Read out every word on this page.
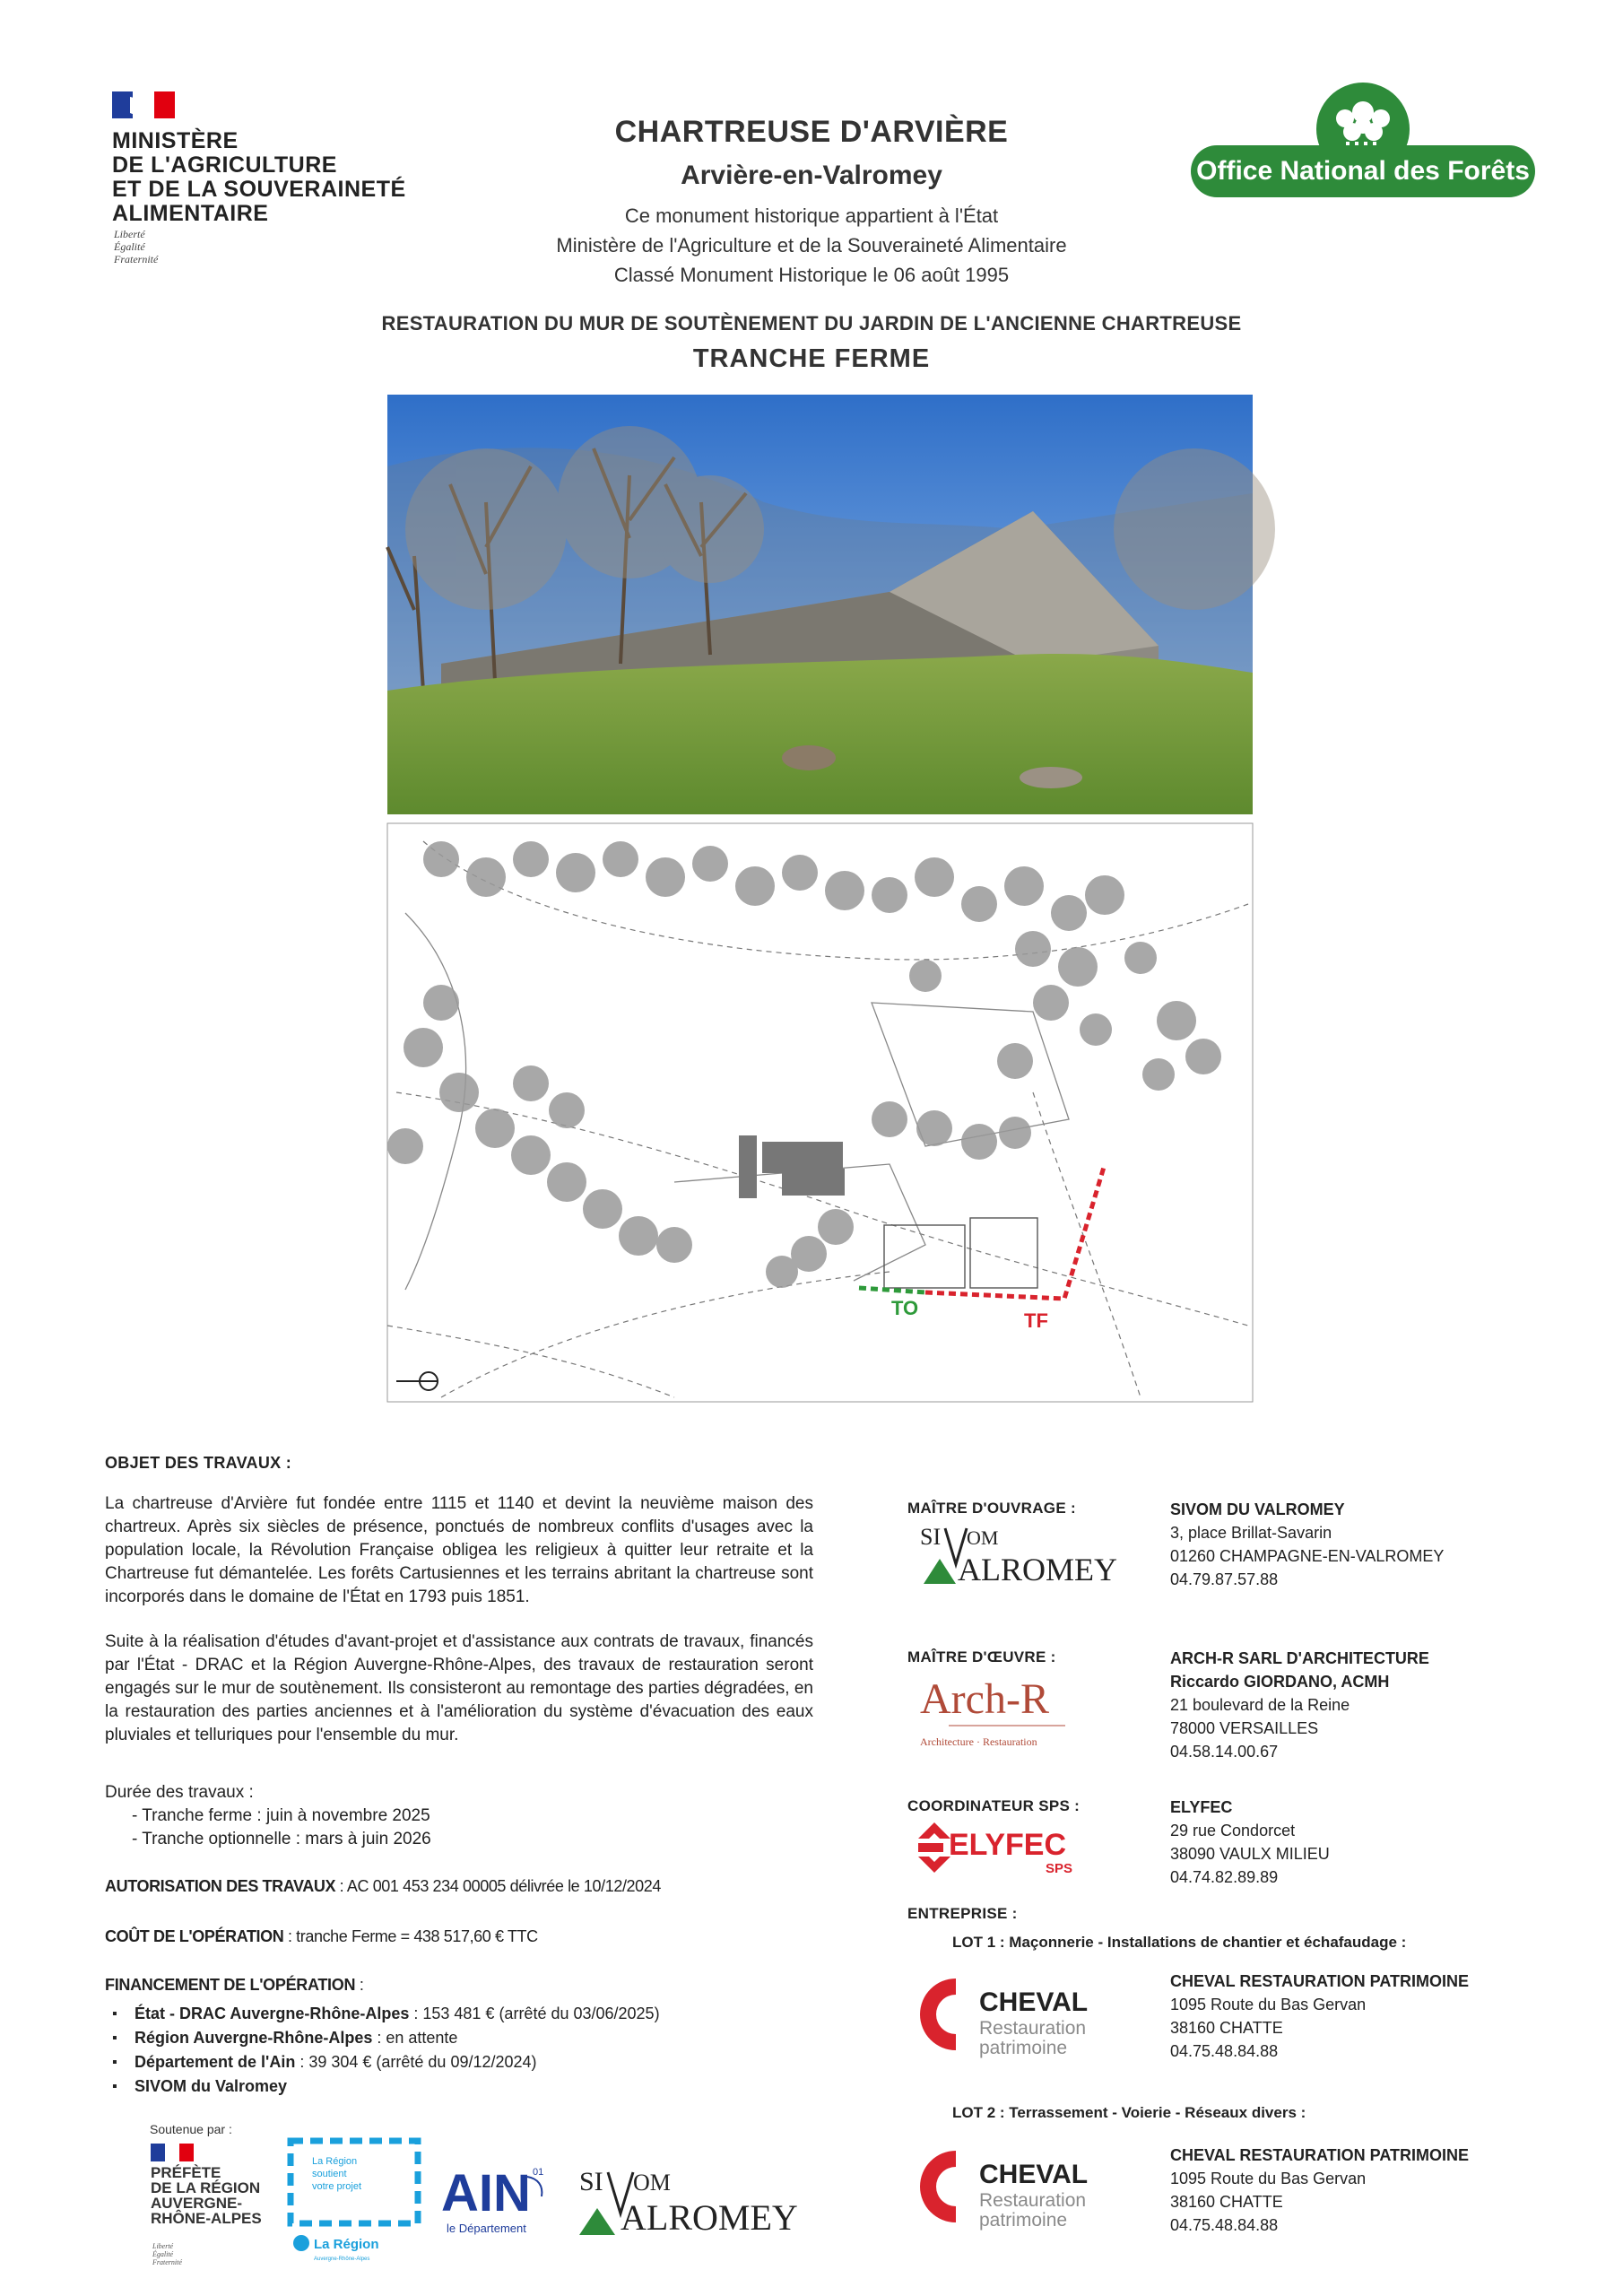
MINISTÈRE
DE L'AGRICULTURE
ET DE LA SOUVERAINETÉ
ALIMENTAIRE
Liberté
Égalité
Fraternité
CHARTREUSE D'ARVIÈRE
Arvière-en-Valromey
Ce monument historique appartient à l'État
Ministère de l'Agriculture et de la Souveraineté Alimentaire
Classé Monument Historique le 06 août 1995
Office National des Forêts
RESTAURATION DU MUR DE SOUTÈNEMENT DU JARDIN DE L'ANCIENNE CHARTREUSE
TRANCHE FERME
TO
TF
OBJET DES TRAVAUX :
La chartreuse d'Arvière fut fondée entre 1115 et 1140 et devint la neuvième maison des chartreux. Après six siècles de présence, ponctués de nombreux conflits d'usages avec la population locale, la Révolution Française obligea les religieux à quitter leur retraite et la Chartreuse fut démantelée. Les forêts Cartusiennes et les terrains abritant la chartreuse sont incorporés dans le domaine de l'État en 1793 puis 1851.
Suite à la réalisation d'études d'avant-projet et d'assistance aux contrats de travaux, financés par l'État - DRAC et la Région Auvergne-Rhône-Alpes, des travaux de restauration seront engagés sur le mur de soutènement. Ils consisteront au remontage des parties dégradées, en la restauration des parties anciennes et à l'amélioration du système d'évacuation des eaux pluviales et telluriques pour l'ensemble du mur.
Durée des travaux :
- Tranche ferme : juin à novembre 2025
- Tranche optionnelle : mars à juin 2026
AUTORISATION DES TRAVAUX : AC 001 453 234 00005 délivrée le 10/12/2024
COÛT DE L'OPÉRATION : tranche Ferme = 438 517,60 € TTC
FINANCEMENT DE L'OPÉRATION :
▪ État - DRAC Auvergne-Rhône-Alpes : 153 481 € (arrêté du 03/06/2025)
▪ Région Auvergne-Rhône-Alpes : en attente
▪ Département de l'Ain : 39 304 € (arrêté du 09/12/2024)
▪ SIVOM du Valromey
MAÎTRE D'OUVRAGE :
SI OM
ALROMEY
SIVOM DU VALROMEY
3, place Brillat-Savarin
01260 CHAMPAGNE-EN-VALROMEY
04.79.87.57.88
MAÎTRE D'ŒUVRE :
Arch-R
Architecture · Restauration
ARCH-R SARL D'ARCHITECTURE
Riccardo GIORDANO, ACMH
21 boulevard de la Reine
78000 VERSAILLES
04.58.14.00.67
COORDINATEUR SPS :
ELYFEC
SPS
ELYFEC
29 rue Condorcet
38090 VAULX MILIEU
04.74.82.89.89
ENTREPRISE :
LOT 1 : Maçonnerie - Installations de chantier et échafaudage :
CHEVAL
Restauration
patrimoine
CHEVAL RESTAURATION PATRIMOINE
1095 Route du Bas Gervan
38160 CHATTE
04.75.48.84.88
LOT 2 : Terrassement - Voierie - Réseaux divers :
CHEVAL
Restauration
patrimoine
CHEVAL RESTAURATION PATRIMOINE
1095 Route du Bas Gervan
38160 CHATTE
04.75.48.84.88
Soutenue par :
PRÉFÈTE
DE LA RÉGION
AUVERGNE-
RHÔNE-ALPES
Liberté
Égalité
Fraternité
La Région
soutient
votre projet
La Région
Auvergne-Rhône-Alpes
AIN 01
le Département
SI OM
ALROMEY
